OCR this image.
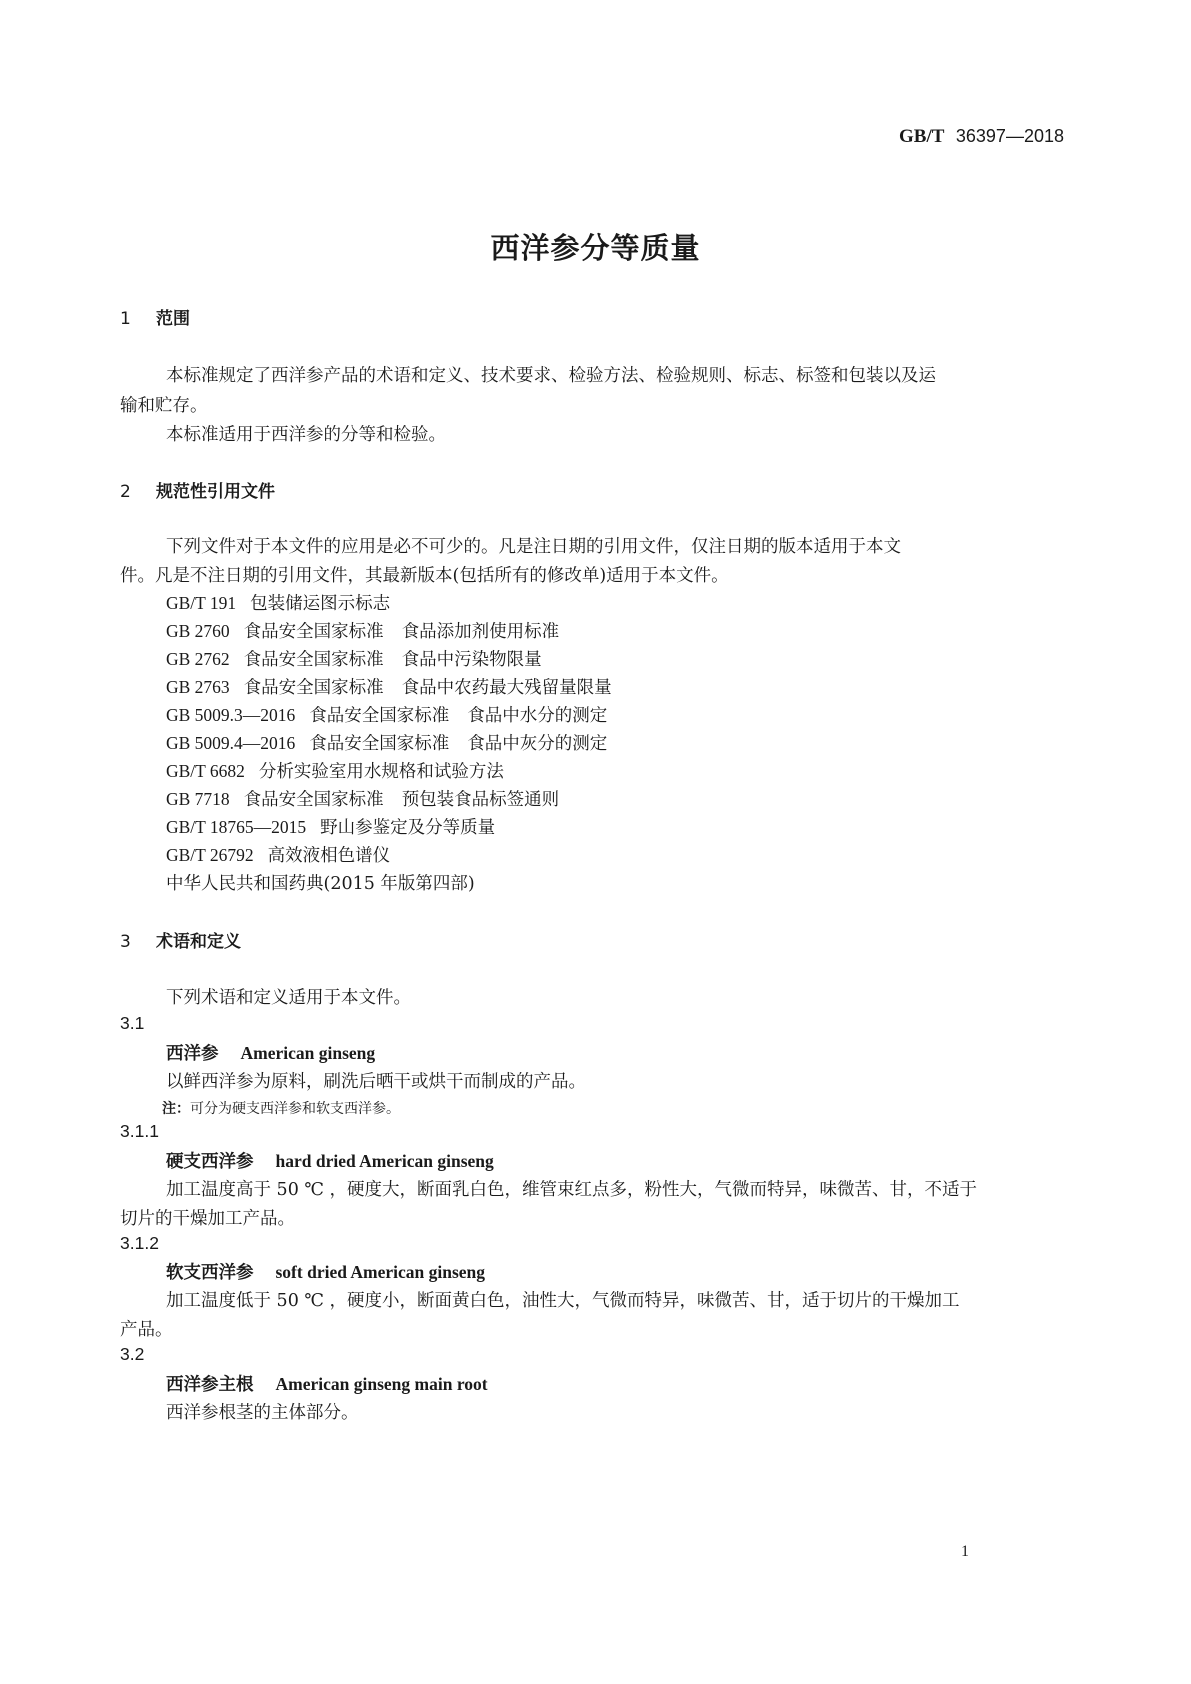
GB/T 36397—2018
西洋参分等质量
1 范围
本标准规定了西洋参产品的术语和定义、技术要求、检验方法、检验规则、标志、标签和包装以及运
输和贮存。
本标准适用于西洋参的分等和检验。
2 规范性引用文件
下列文件对于本文件的应用是必不可少的。凡是注日期的引用文件，仅注日期的版本适用于本文
件。凡是不注日期的引用文件，其最新版本(包括所有的修改单)适用于本文件。
GB/T 191 包装储运图示标志
GB 2760 食品安全国家标准 食品添加剂使用标准
GB 2762 食品安全国家标准 食品中污染物限量
GB 2763 食品安全国家标准 食品中农药最大残留量限量
GB 5009.3—2016 食品安全国家标准 食品中水分的测定
GB 5009.4—2016 食品安全国家标准 食品中灰分的测定
GB/T 6682 分析实验室用水规格和试验方法
GB 7718 食品安全国家标准 预包装食品标签通则
GB/T 18765—2015 野山参鉴定及分等质量
GB/T 26792 高效液相色谱仪
中华人民共和国药典(2015 年版第四部)
3 术语和定义
下列术语和定义适用于本文件。
3.1
西洋参 American ginseng
以鲜西洋参为原料，刷洗后晒干或烘干而制成的产品。
注：可分为硬支西洋参和软支西洋参。
3.1.1
硬支西洋参 hard dried American ginseng
加工温度高于 50 ℃ ，硬度大，断面乳白色，维管束红点多，粉性大，气微而特异，味微苦、甘，不适于
切片的干燥加工产品。
3.1.2
软支西洋参 soft dried American ginseng
加工温度低于 50 ℃ ，硬度小，断面黄白色，油性大，气微而特异，味微苦、甘，适于切片的干燥加工
产品。
3.2
西洋参主根 American ginseng main root
西洋参根茎的主体部分。
1
